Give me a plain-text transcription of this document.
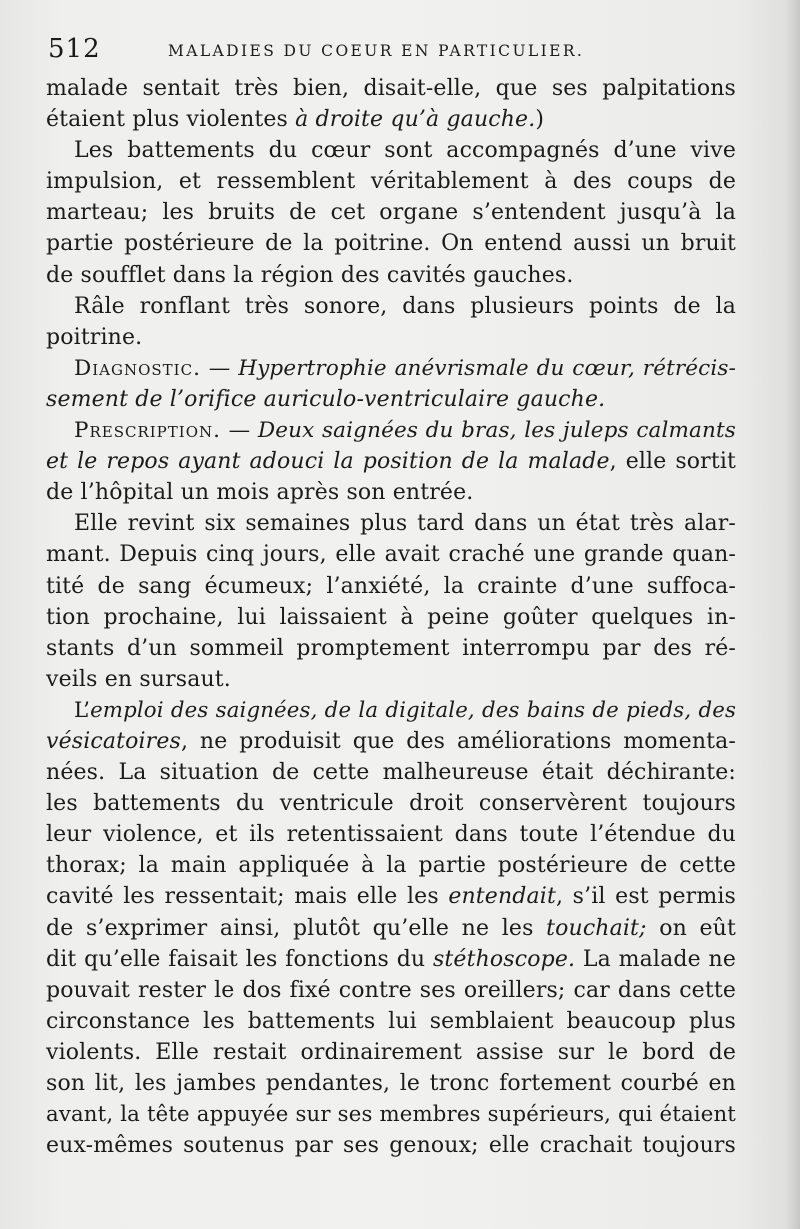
512	MALADIES DU COEUR EN PARTICULIER.
malade sentait très bien, disait-elle, que ses palpitations
étaient plus violentes à droite qu’à gauche.)
Les battements du cœur sont accompagnés d’une vive
impulsion, et ressemblent véritablement à des coups de
marteau; les bruits de cet organe s’entendent jusqu’à la
partie postérieure de la poitrine. On entend aussi un bruit
de soufflet dans la région des cavités gauches.
Râle ronflant très sonore, dans plusieurs points de la
poitrine.
Diagnostic. — Hypertrophie anévrismale du cœur, rétrécis-
sement de l’orifice auriculo-ventriculaire gauche.
Prescription. — Deux saignées du bras, les juleps calmants
et le repos ayant adouci la position de la malade, elle sortit
de l’hôpital un mois après son entrée.
Elle revint six semaines plus tard dans un état très alar-
mant. Depuis cinq jours, elle avait craché une grande quan-
tité de sang écumeux; l’anxiété, la crainte d’une suffoca-
tion prochaine, lui laissaient à peine goûter quelques in-
stants d’un sommeil promptement interrompu par des ré-
veils en sursaut.
L’emploi des saignées, de la digitale, des bains de pieds, des
vésicatoires, ne produisit que des améliorations momenta-
nées. La situation de cette malheureuse était déchirante:
les battements du ventricule droit conservèrent toujours
leur violence, et ils retentissaient dans toute l’étendue du
thorax; la main appliquée à la partie postérieure de cette
cavité les ressentait; mais elle les entendait, s’il est permis
de s’exprimer ainsi, plutôt qu’elle ne les touchait; on eût
dit qu’elle faisait les fonctions du stéthoscope. La malade ne
pouvait rester le dos fixé contre ses oreillers; car dans cette
circonstance les battements lui semblaient beaucoup plus
violents. Elle restait ordinairement assise sur le bord de
son lit, les jambes pendantes, le tronc fortement courbé en
avant, la tête appuyée sur ses membres supérieurs, qui étaient
eux-mêmes soutenus par ses genoux; elle crachait toujours
